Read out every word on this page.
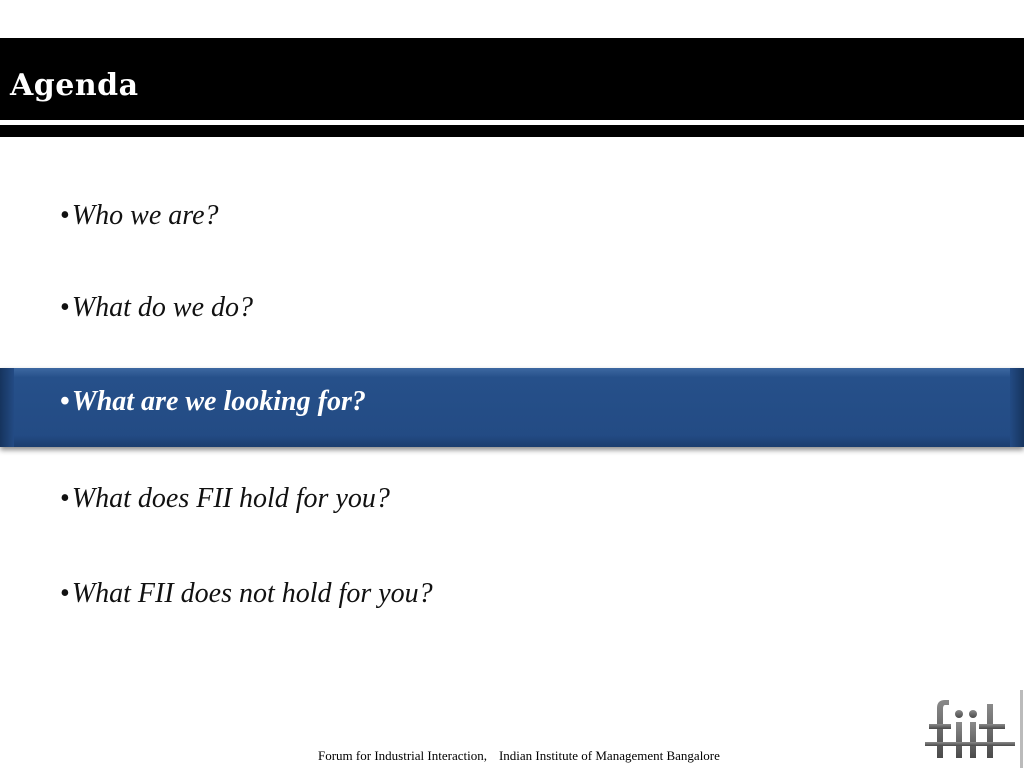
Agenda
•Who we are?
•What do we do?
•What are we looking for?
•What does FII hold for you?
•What FII does not hold for you?
Forum for Industrial Interaction, Indian Institute of Management Bangalore
